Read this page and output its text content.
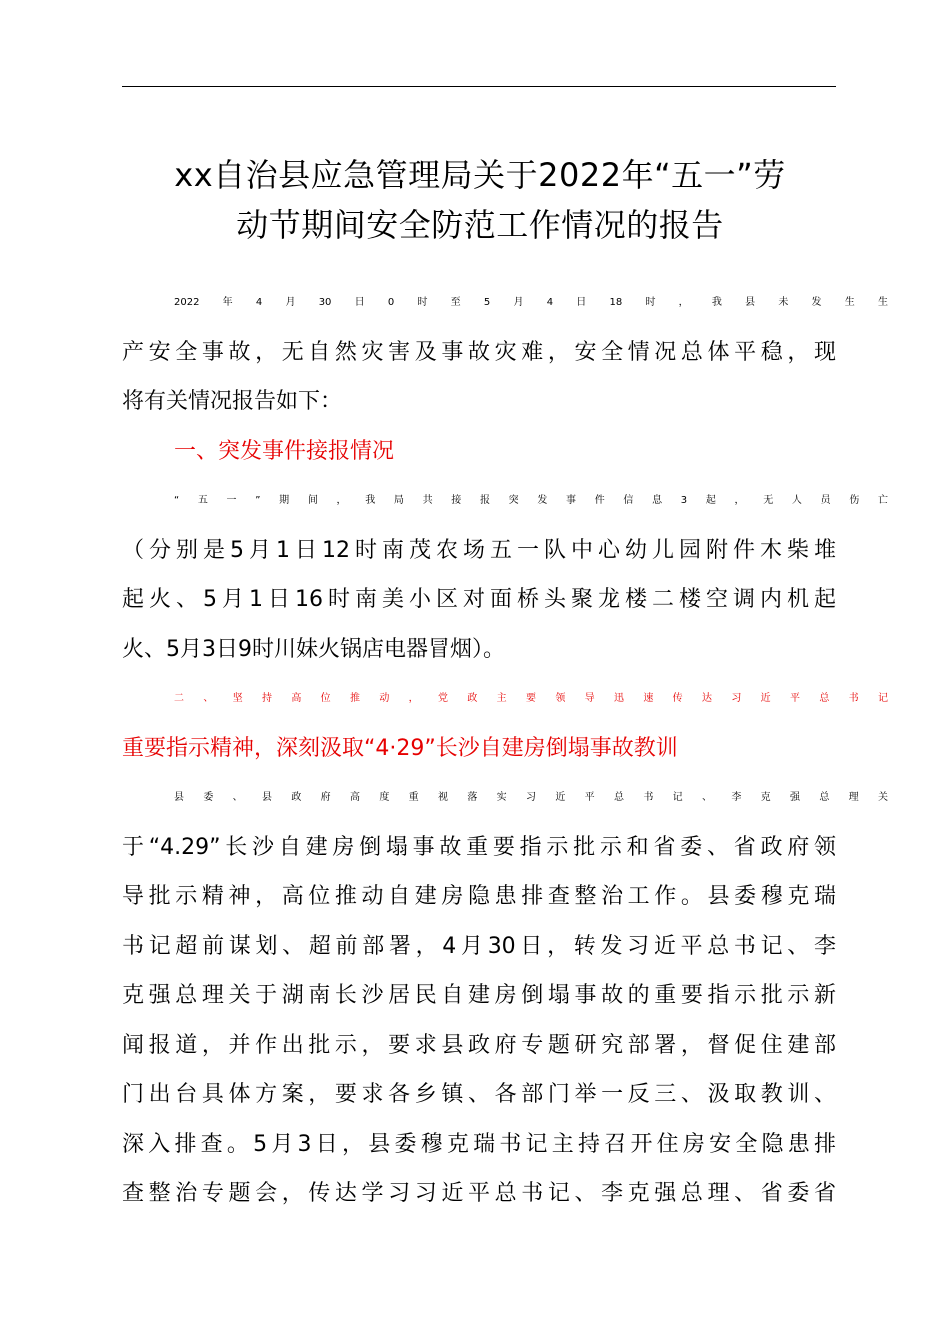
xx自治县应急管理局关于2022年“五一”劳
动节期间安全防范工作情况的报告
2022年4月30日0时至5月4日18时，我县未发生生
产安全事故，无自然灾害及事故灾难，安全情况总体平稳，现
将有关情况报告如下：
一、突发事件接报情况
“五一”期间，我局共接报突发事件信息3起，无人员伤亡
（分别是5月1日12时南茂农场五一队中心幼儿园附件木柴堆
起火、5月1日16时南美小区对面桥头聚龙楼二楼空调内机起
火、5月3日9时川妹火锅店电器冒烟）。
二、坚持高位推动，党政主要领导迅速传达习近平总书记
重要指示精神，深刻汲取“4·29”长沙自建房倒塌事故教训
县委、县政府高度重视落实习近平总书记、李克强总理关
于“4.29”长沙自建房倒塌事故重要指示批示和省委、省政府领
导批示精神，高位推动自建房隐患排查整治工作。县委穆克瑞
书记超前谋划、超前部署，4月30日，转发习近平总书记、李
克强总理关于湖南长沙居民自建房倒塌事故的重要指示批示新
闻报道，并作出批示，要求县政府专题研究部署，督促住建部
门出台具体方案，要求各乡镇、各部门举一反三、汲取教训、
深入排查。5月3日，县委穆克瑞书记主持召开住房安全隐患排
查整治专题会，传达学习习近平总书记、李克强总理、省委省
